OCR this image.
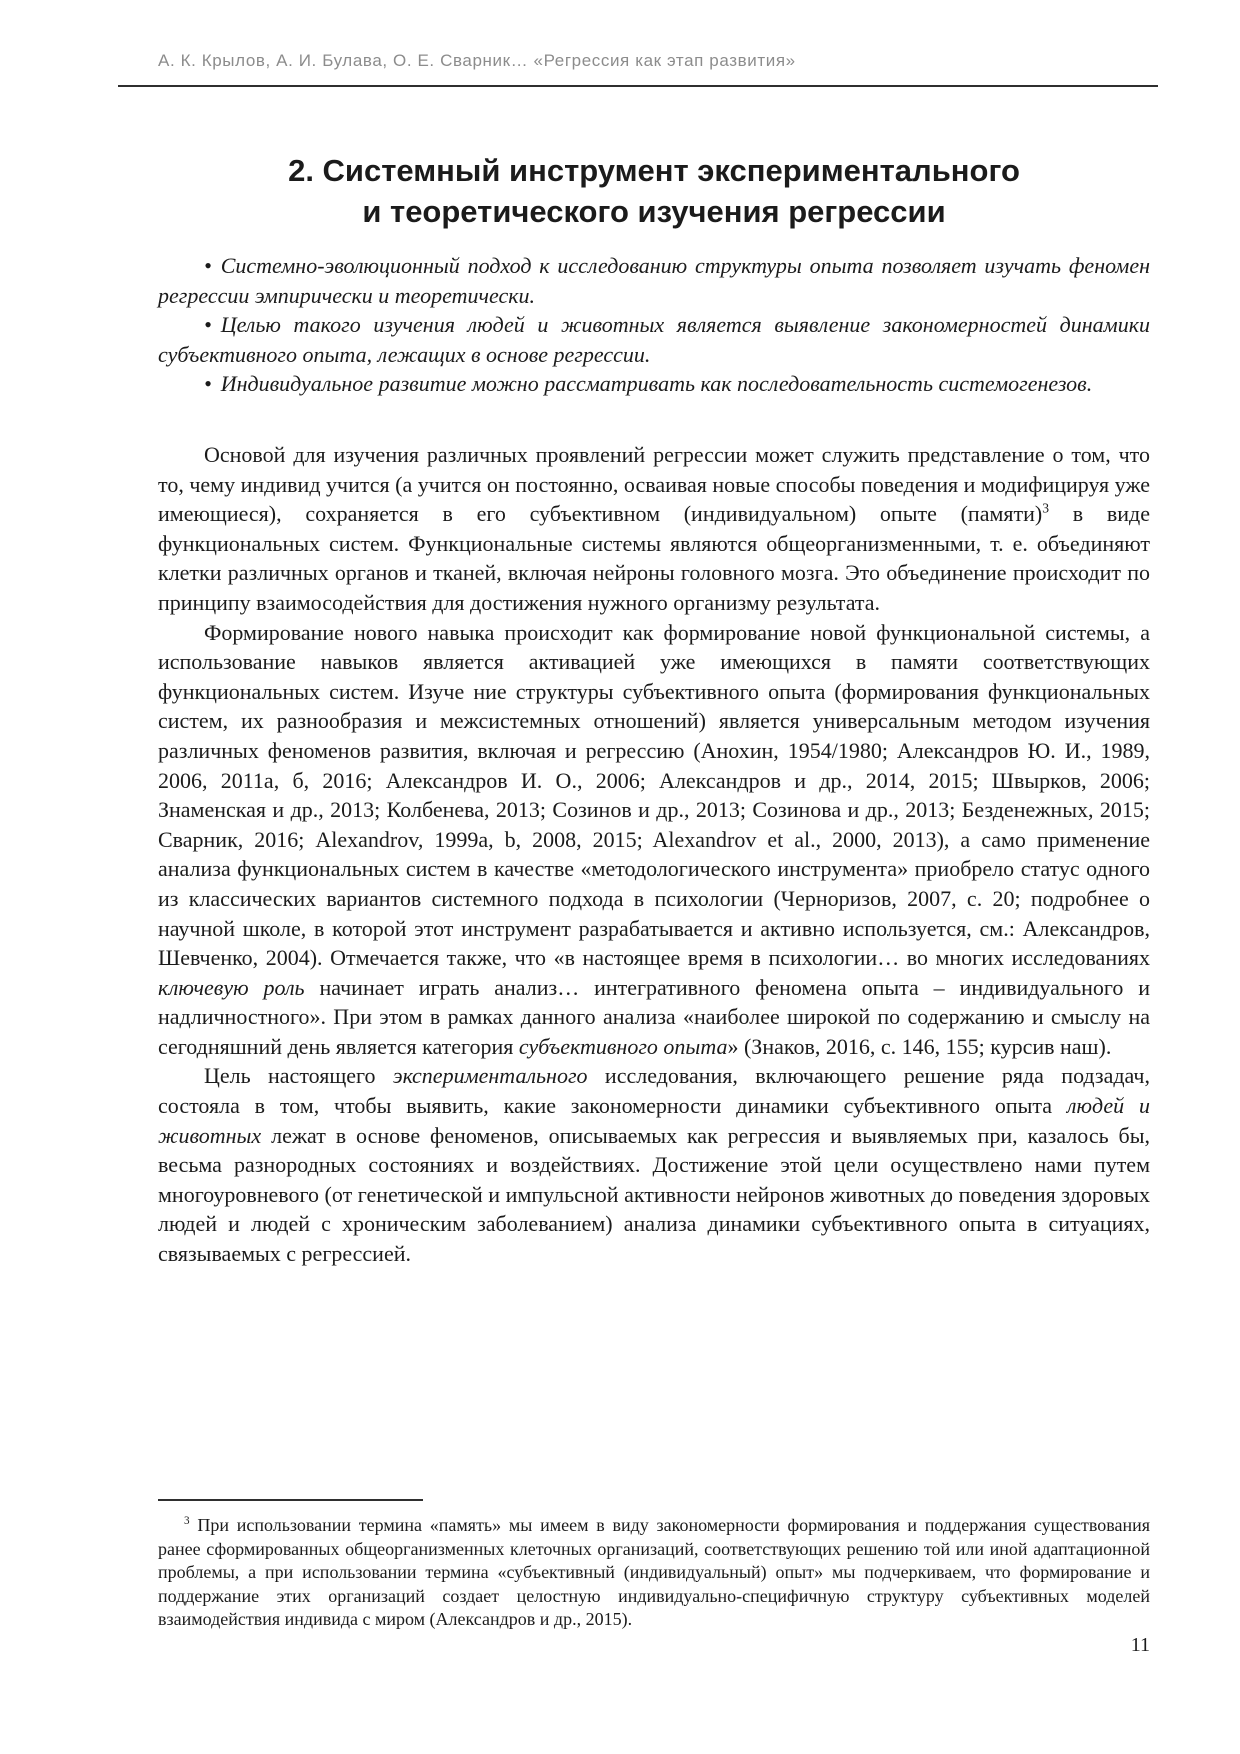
А. К. Крылов, А. И. Булава, О. Е. Сварник… «Регрессия как этап развития»
2. Системный инструмент экспериментального
и теоретического изучения регрессии

• Системно-эволюционный подход к исследованию структуры опыта позволяет изучать феномен регрессии эмпирически и теоретически.

• Целью такого изучения людей и животных является выявление закономерностей динамики субъективного опыта, лежащих в основе регрессии.

• Индивидуальное развитие можно рассматривать как последовательность системогенезов.

Основой для изучения различных проявлений регрессии может служить представление о том, что то, чему индивид учится (а учится он постоянно, осваивая новые способы поведения и модифицируя уже имеющиеся), сохраняется в его субъективном (индивидуальном) опыте (памяти)$^3$ в виде функциональных систем. Функциональные системы являются общеорганизменными, т. е. объединяют клетки различных органов и тканей, включая нейроны головного мозга. Это объединение происходит по принципу взаимосодействия для достижения нужного организму результата.

Формирование нового навыка происходит как формирование новой функциональной системы, а использование навыков является активацией уже имеющихся в памяти соответствующих функциональных систем. Изуче ние структуры субъективного опыта (формирования функциональных систем, их разнообразия и межсистемных отношений) является универсальным методом изучения различных феноменов развития, включая и регрессию (Анохин, 1954/1980; Александров Ю. И., 1989, 2006, 2011а, б, 2016; Александров И. О., 2006; Александров и др., 2014, 2015; Швырков, 2006; Знаменская и др., 2013; Колбенева, 2013; Созинов и др., 2013; Созинова и др., 2013; Безденежных, 2015; Сварник, 2016; Alexandrov, 1999a, b, 2008, 2015; Alexandrov et al., 2000, 2013), а само применение анализа функциональных систем в качестве «методологического инструмента» приобрело статус одного из классических вариантов системного подхода в психологии (Черноризов, 2007, с. 20; подробнее о научной школе, в которой этот инструмент разрабатывается и активно используется, см.: Александров, Шевченко, 2004). Отмечается также, что «в настоящее время в психологии… во многих исследованиях ключевую роль начинает играть анализ… интегративного феномена опыта – индивидуального и надличностного». При этом в рамках данного анализа «наиболее широкой по содержанию и смыслу на сегодняшний день является категория субъективного опыта» (Знаков, 2016, с. 146, 155; курсив наш).

Цель настоящего экспериментального исследования, включающего решение ряда подзадач, состояла в том, чтобы выявить, какие закономерности динамики субъективного опыта людей и животных лежат в основе феноменов, описываемых как регрессия и выявляемых при, казалось бы, весьма разнородных состояниях и воздействиях. Достижение этой цели осуществлено нами путем многоуровневого (от генетической и импульсной активности нейронов животных до поведения здоровых людей и людей с хроническим заболеванием) анализа динамики субъективного опыта в ситуациях, связываемых с регрессией.

$^3$ При использовании термина «память» мы имеем в виду закономерности формирования и поддержания существования ранее сформированных общеорганизменных клеточных организаций, соответствующих решению той или иной адаптационной проблемы, а при использовании термина «субъективный (индивидуальный) опыт» мы подчеркиваем, что формирование и поддержание этих организаций создает целостную индивидуально-специфичную структуру субъективных моделей взаимодействия индивида с миром (Александров и др., 2015).
11
